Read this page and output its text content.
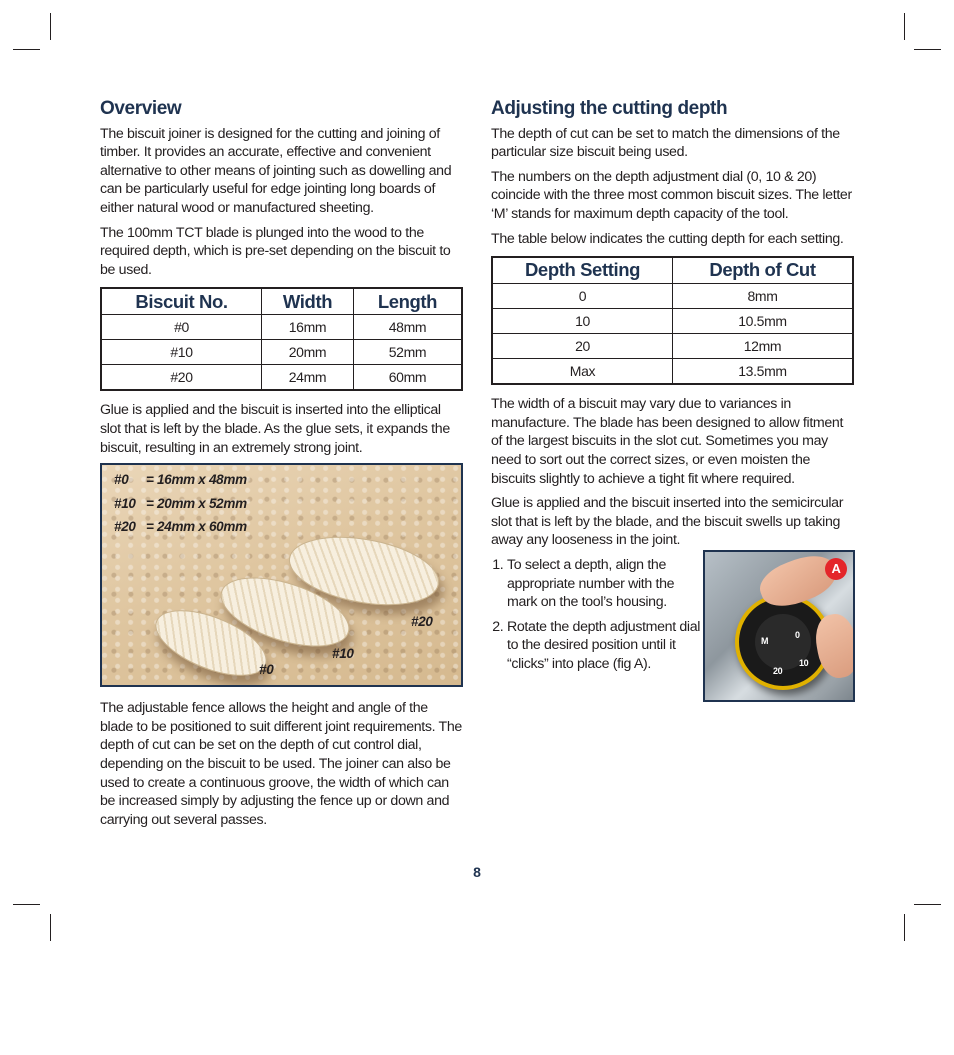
Overview

The biscuit joiner is designed for the cutting and joining of timber. It provides an accurate, effective and convenient alternative to other means of jointing such as dowelling and can be particularly useful for edge jointing long boards of either natural wood or manufactured sheeting.

The 100mm TCT blade is plunged into the wood to the required depth, which is pre-set depending on the biscuit to be used.

Biscuit No.	Width	Length
#0	16mm	48mm
#10	20mm	52mm
#20	24mm	60mm

Glue is applied and the biscuit is inserted into the elliptical slot that is left by the blade. As the glue sets, it expands the biscuit, resulting in an extremely strong joint.

#0 = 16mm x 48mm
#10 = 20mm x 52mm
#20 = 24mm x 60mm
#20
#10
#0

The adjustable fence allows the height and angle of the blade to be positioned to suit different joint requirements. The depth of cut can be set on the depth of cut control dial, depending on the biscuit to be used. The joiner can also be used to create a continuous groove, the width of which can be increased simply by adjusting the fence up or down and carrying out several passes.

Adjusting the cutting depth

The depth of cut can be set to match the dimensions of the particular size biscuit being used.

The numbers on the depth adjustment dial (0, 10 & 20) coincide with the three most common biscuit sizes. The letter ‘M’ stands for maximum depth capacity of the tool.

The table below indicates the cutting depth for each setting.

Depth Setting	Depth of Cut
0	8mm
10	10.5mm
20	12mm
Max	13.5mm

The width of a biscuit may vary due to variances in manufacture. The blade has been designed to allow fitment of the largest biscuits in the slot cut. Sometimes you may need to sort out the correct sizes, or even moisten the biscuits slightly to achieve a tight fit where required.

Glue is applied and the biscuit inserted into the semicircular slot that is left by the blade, and the biscuit swells up taking away any looseness in the joint.

1. To select a depth, align the appropriate number with the mark on the tool’s housing.
2. Rotate the depth adjustment dial to the desired position until it “clicks” into place (fig A).
M
0
10
20
A
8
